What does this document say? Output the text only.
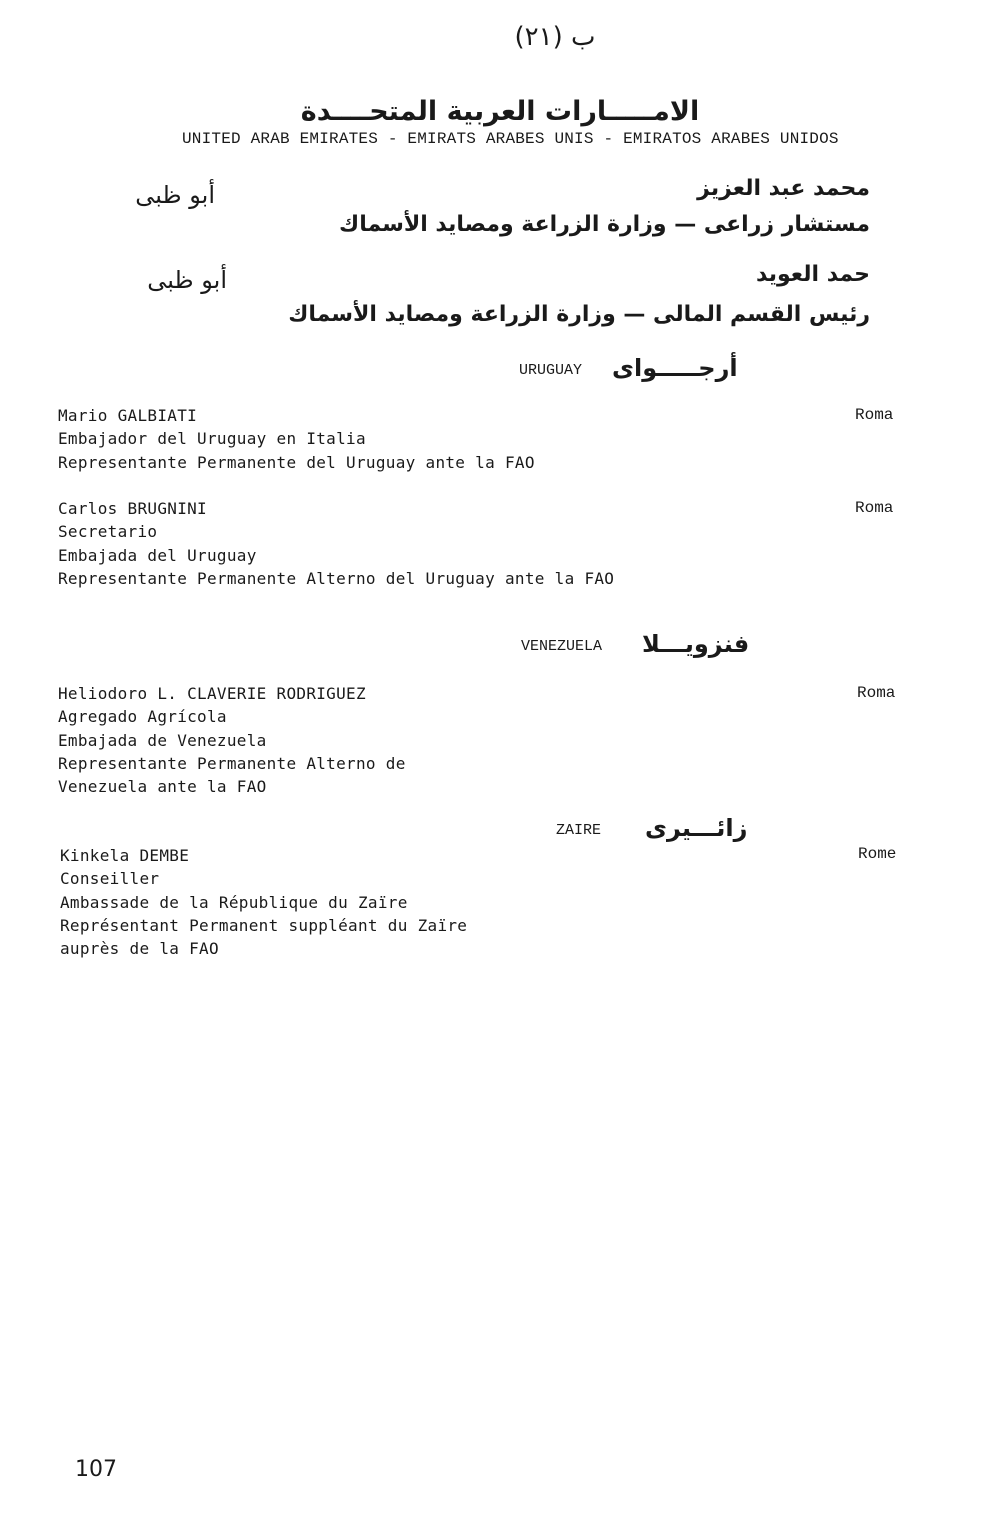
ب (٢١)
الامـــــارات العربية المتحــــدة
UNITED ARAB EMIRATES - EMIRATS ARABES UNIS - EMIRATOS ARABES UNIDOS
محمد عبد العزيز
أبو ظبى
مستشار زراعى — وزارة الزراعة ومصايد الأسماك
حمد العويد
أبو ظبى
رئيس القسم المالى — وزارة الزراعة ومصايد الأسماك
URUGUAY أرجـــــواى
Mario GALBIATI
Embajador del Uruguay en Italia
Representante Permanente del Uruguay ante la FAO
Roma
Carlos BRUGNINI
Secretario
Embajada del Uruguay
Representante Permanente Alterno del Uruguay ante la FAO
Roma
VENEZUELA فنزويـــلا
Heliodoro L. CLAVERIE RODRIGUEZ
Agregado Agrícola
Embajada de Venezuela
Representante Permanente Alterno de
Venezuela ante la FAO
Roma
ZAIRE زائـــيرى
Kinkela DEMBE
Conseiller
Ambassade de la République du Zaïre
Représentant Permanent suppléant du Zaïre
auprès de la FAO
Rome
107
